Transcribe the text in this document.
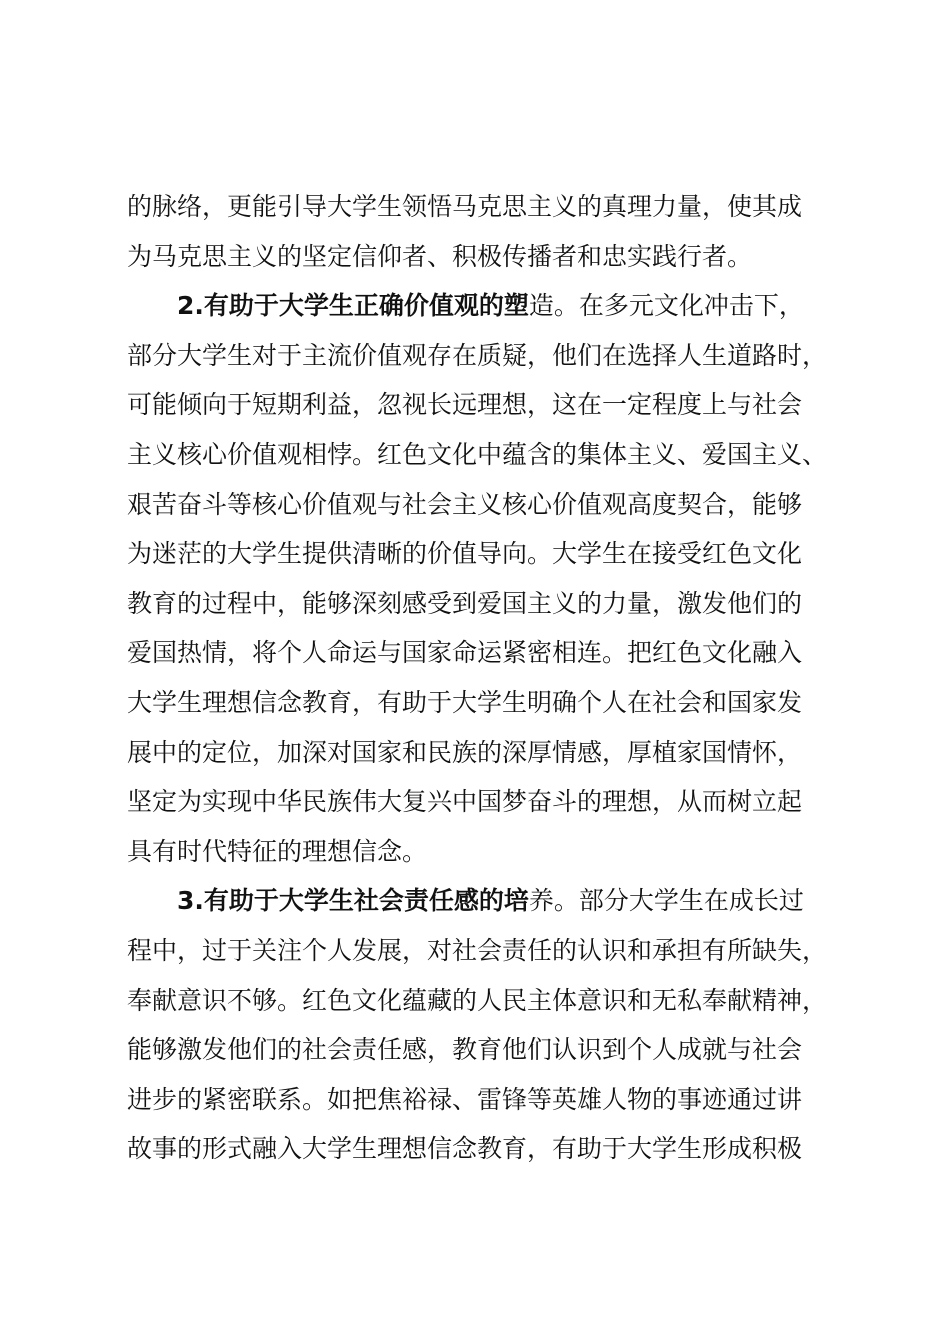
的脉络，更能引导大学生领悟马克思主义的真理力量，使其成
为马克思主义的坚定信仰者、积极传播者和忠实践行者。
2.有助于大学生正确价值观的塑造。在多元文化冲击下，
部分大学生对于主流价值观存在质疑，他们在选择人生道路时，
可能倾向于短期利益，忽视长远理想，这在一定程度上与社会
主义核心价值观相悖。红色文化中蕴含的集体主义、爱国主义、
艰苦奋斗等核心价值观与社会主义核心价值观高度契合，能够
为迷茫的大学生提供清晰的价值导向。大学生在接受红色文化
教育的过程中，能够深刻感受到爱国主义的力量，激发他们的
爱国热情，将个人命运与国家命运紧密相连。把红色文化融入
大学生理想信念教育，有助于大学生明确个人在社会和国家发
展中的定位，加深对国家和民族的深厚情感，厚植家国情怀，
坚定为实现中华民族伟大复兴中国梦奋斗的理想，从而树立起
具有时代特征的理想信念。
3.有助于大学生社会责任感的培养。部分大学生在成长过
程中，过于关注个人发展，对社会责任的认识和承担有所缺失，
奉献意识不够。红色文化蕴藏的人民主体意识和无私奉献精神，
能够激发他们的社会责任感，教育他们认识到个人成就与社会
进步的紧密联系。如把焦裕禄、雷锋等英雄人物的事迹通过讲
故事的形式融入大学生理想信念教育，有助于大学生形成积极
